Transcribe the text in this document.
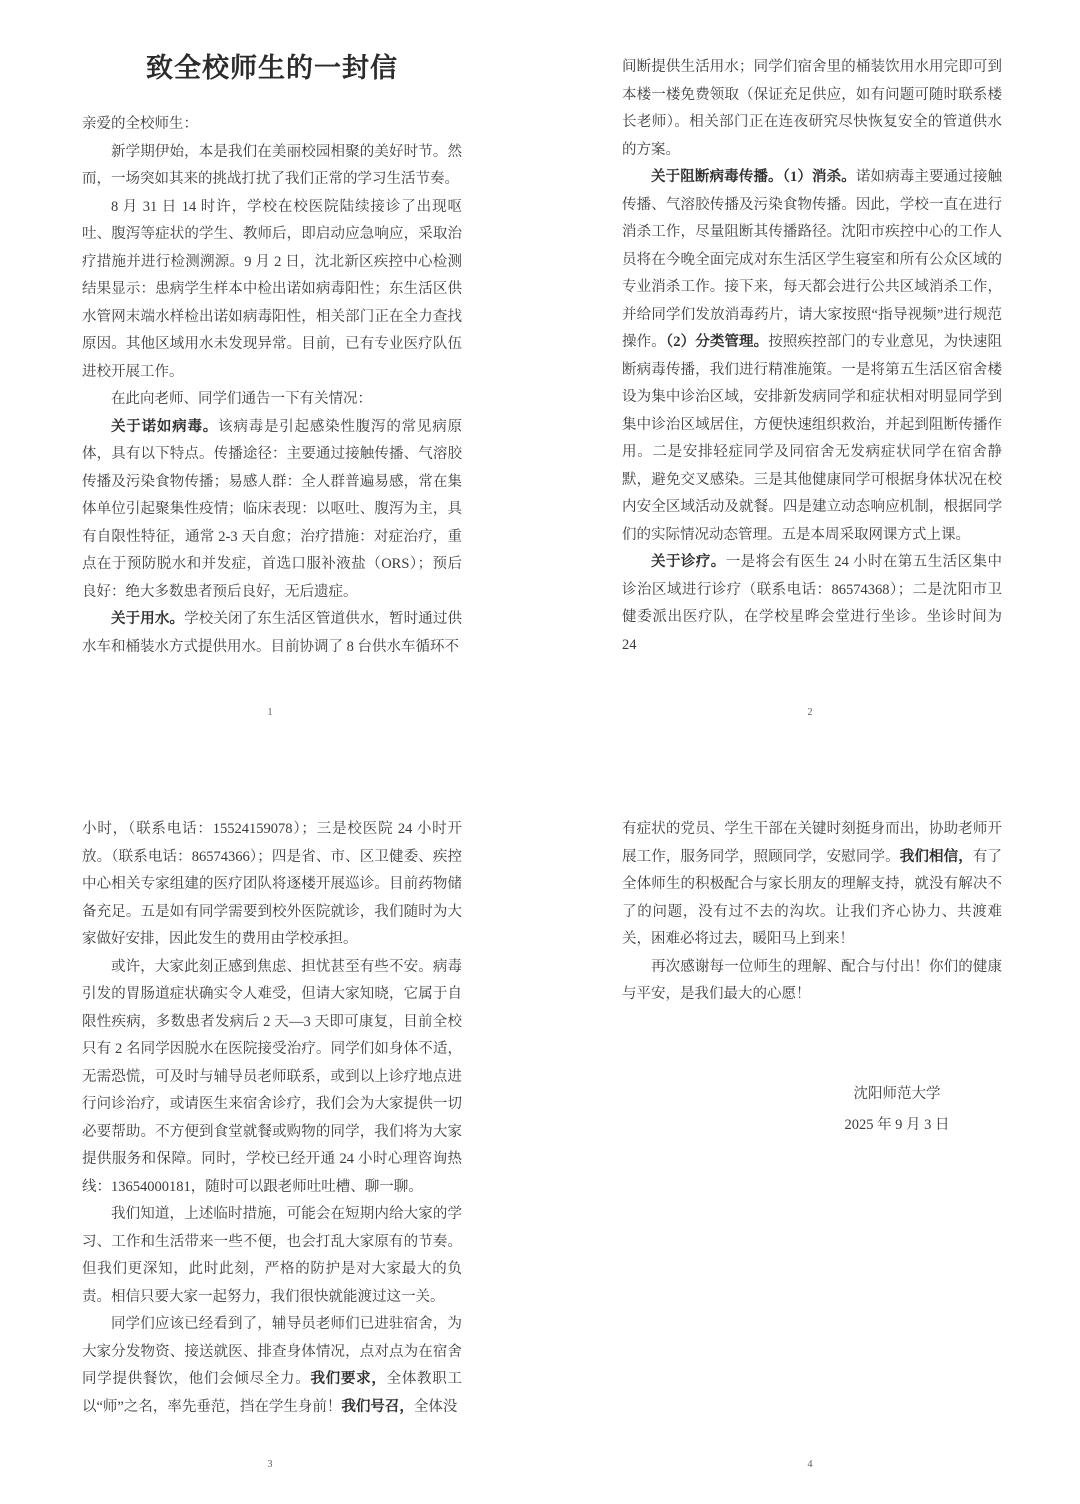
致全校师生的一封信

亲爱的全校师生：

新学期伊始，本是我们在美丽校园相聚的美好时节。然而，一场突如其来的挑战打扰了我们正常的学习生活节奏。

8 月 31 日 14 时许，学校在校医院陆续接诊了出现呕吐、腹泻等症状的学生、教师后，即启动应急响应，采取治疗措施并进行检测溯源。9 月 2 日，沈北新区疾控中心检测结果显示：患病学生样本中检出诺如病毒阳性；东生活区供水管网末端水样检出诺如病毒阳性，相关部门正在全力查找原因。其他区域用水未发现异常。目前，已有专业医疗队伍进校开展工作。

在此向老师、同学们通告一下有关情况：

关于诺如病毒。该病毒是引起感染性腹泻的常见病原体，具有以下特点。传播途径：主要通过接触传播、气溶胶传播及污染食物传播；易感人群：全人群普遍易感，常在集体单位引起聚集性疫情；临床表现：以呕吐、腹泻为主，具有自限性特征，通常 2-3 天自愈；治疗措施：对症治疗，重点在于预防脱水和并发症，首选口服补液盐（ORS）；预后良好：绝大多数患者预后良好，无后遗症。

关于用水。学校关闭了东生活区管道供水，暂时通过供水车和桶装水方式提供用水。目前协调了 8 台供水车循环不

1

间断提供生活用水；同学们宿舍里的桶装饮用水用完即可到本楼一楼免费领取（保证充足供应，如有问题可随时联系楼长老师）。相关部门正在连夜研究尽快恢复安全的管道供水的方案。

关于阻断病毒传播。（1）消杀。诺如病毒主要通过接触传播、气溶胶传播及污染食物传播。因此，学校一直在进行消杀工作，尽量阻断其传播路径。沈阳市疾控中心的工作人员将在今晚全面完成对东生活区学生寝室和所有公众区域的专业消杀工作。接下来，每天都会进行公共区域消杀工作，并给同学们发放消毒药片，请大家按照“指导视频”进行规范操作。（2）分类管理。按照疾控部门的专业意见，为快速阻断病毒传播，我们进行精准施策。一是将第五生活区宿舍楼设为集中诊治区域，安排新发病同学和症状相对明显同学到集中诊治区域居住，方便快速组织救治，并起到阻断传播作用。二是安排轻症同学及同宿舍无发病症状同学在宿舍静默，避免交叉感染。三是其他健康同学可根据身体状况在校内安全区域活动及就餐。四是建立动态响应机制，根据同学们的实际情况动态管理。五是本周采取网课方式上课。

关于诊疗。一是将会有医生 24 小时在第五生活区集中诊治区域进行诊疗（联系电话：86574368）；二是沈阳市卫健委派出医疗队，在学校星晔会堂进行坐诊。坐诊时间为 24

2

小时，（联系电话：15524159078）；三是校医院 24 小时开放。（联系电话：86574366）；四是省、市、区卫健委、疾控中心相关专家组建的医疗团队将逐楼开展巡诊。目前药物储备充足。五是如有同学需要到校外医院就诊，我们随时为大家做好安排，因此发生的费用由学校承担。

或许，大家此刻正感到焦虑、担忧甚至有些不安。病毒引发的胃肠道症状确实令人难受，但请大家知晓，它属于自限性疾病，多数患者发病后 2 天—3 天即可康复，目前全校只有 2 名同学因脱水在医院接受治疗。同学们如身体不适，无需恐慌，可及时与辅导员老师联系，或到以上诊疗地点进行问诊治疗，或请医生来宿舍诊疗，我们会为大家提供一切必要帮助。不方便到食堂就餐或购物的同学，我们将为大家提供服务和保障。同时，学校已经开通 24 小时心理咨询热线：13654000181，随时可以跟老师吐吐槽、聊一聊。

我们知道，上述临时措施，可能会在短期内给大家的学习、工作和生活带来一些不便，也会打乱大家原有的节奏。但我们更深知，此时此刻，严格的防护是对大家最大的负责。相信只要大家一起努力，我们很快就能渡过这一关。

同学们应该已经看到了，辅导员老师们已进驻宿舍，为大家分发物资、接送就医、排查身体情况，点对点为在宿舍同学提供餐饮，他们会倾尽全力。我们要求，全体教职工以“师”之名，率先垂范，挡在学生身前！我们号召，全体没

3

有症状的党员、学生干部在关键时刻挺身而出，协助老师开展工作，服务同学，照顾同学，安慰同学。我们相信，有了全体师生的积极配合与家长朋友的理解支持，就没有解决不了的问题，没有过不去的沟坎。让我们齐心协力、共渡难关，困难必将过去，暖阳马上到来！

再次感谢每一位师生的理解、配合与付出！你们的健康与平安，是我们最大的心愿！

沈阳师范大学
2025 年 9 月 3 日
4
